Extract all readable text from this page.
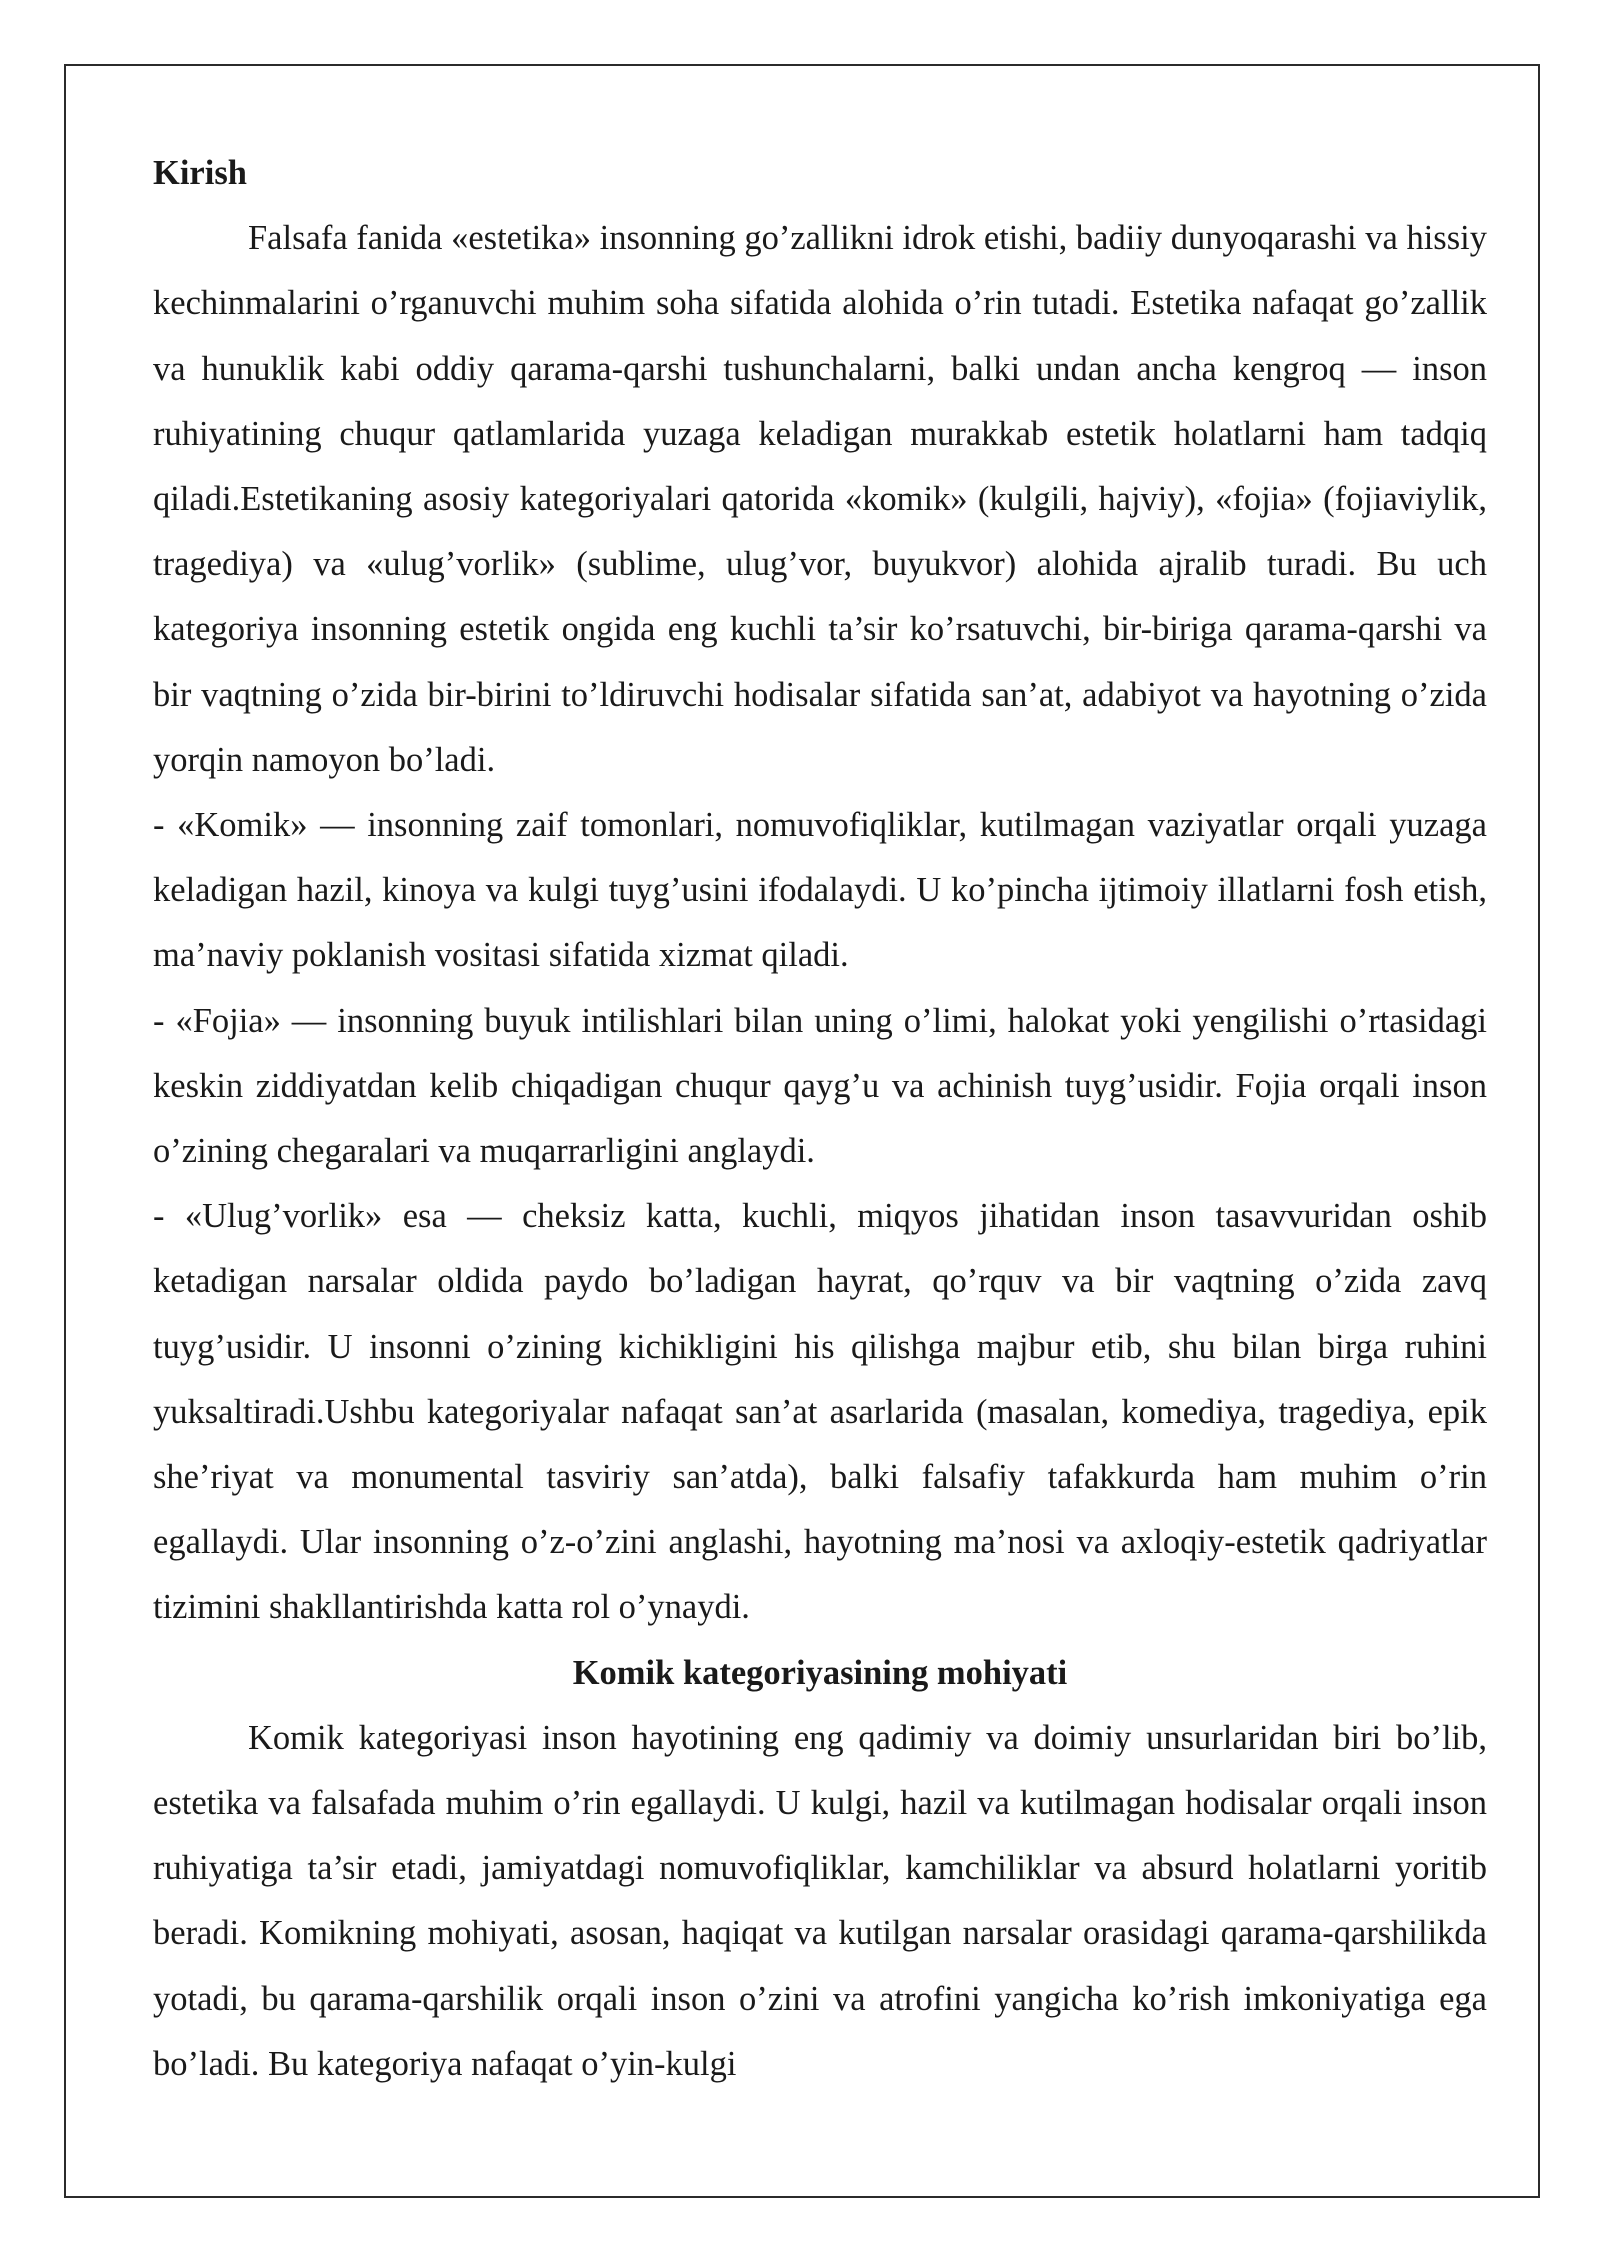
Kirish

Falsafa fanida «estetika» insonning go’zallikni idrok etishi, badiiy dunyoqarashi va hissiy kechinmalarini o’rganuvchi muhim soha sifatida alohida o’rin tutadi. Estetika nafaqat go’zallik va hunuklik kabi oddiy qarama-qarshi tushunchalarni, balki undan ancha kengroq — inson ruhiyatining chuqur qatlamlarida yuzaga keladigan murakkab estetik holatlarni ham tadqiq qiladi.Estetikaning asosiy kategoriyalari qatorida «komik» (kulgili, hajviy), «fojia» (fojiaviylik, tragediya) va «ulug’vorlik» (sublime, ulug’vor, buyukvor) alohida ajralib turadi. Bu uch kategoriya insonning estetik ongida eng kuchli ta’sir ko’rsatuvchi, bir-biriga qarama-qarshi va bir vaqtning o’zida bir-birini to’ldiruvchi hodisalar sifatida san’at, adabiyot va hayotning o’zida yorqin namoyon bo’ladi.

- «Komik» — insonning zaif tomonlari, nomuvofiqliklar, kutilmagan vaziyatlar orqali yuzaga keladigan hazil, kinoya va kulgi tuyg’usini ifodalaydi. U ko’pincha ijtimoiy illatlarni fosh etish, ma’naviy poklanish vositasi sifatida xizmat qiladi.

- «Fojia» — insonning buyuk intilishlari bilan uning o’limi, halokat yoki yengilishi o’rtasidagi keskin ziddiyatdan kelib chiqadigan chuqur qayg’u va achinish tuyg’usidir. Fojia orqali inson o’zining chegaralari va muqarrarligini anglaydi.

- «Ulug’vorlik» esa — cheksiz katta, kuchli, miqyos jihatidan inson tasavvuridan oshib ketadigan narsalar oldida paydo bo’ladigan hayrat, qo’rquv va bir vaqtning o’zida zavq tuyg’usidir. U insonni o’zining kichikligini his qilishga majbur etib, shu bilan birga ruhini yuksaltiradi.Ushbu kategoriyalar nafaqat san’at asarlarida (masalan, komediya, tragediya, epik she’riyat va monumental tasviriy san’atda), balki falsafiy tafakkurda ham muhim o’rin egallaydi. Ular insonning o’z-o’zini anglashi, hayotning ma’nosi va axloqiy-estetik qadriyatlar tizimini shakllantirishda katta rol o’ynaydi.

Komik kategoriyasining mohiyati

Komik kategoriyasi inson hayotining eng qadimiy va doimiy unsurlaridan biri bo’lib, estetika va falsafada muhim o’rin egallaydi. U kulgi, hazil va kutilmagan hodisalar orqali inson ruhiyatiga ta’sir etadi, jamiyatdagi nomuvofiqliklar, kamchiliklar va absurd holatlarni yoritib beradi. Komikning mohiyati, asosan, haqiqat va kutilgan narsalar orasidagi qarama-qarshilikda yotadi, bu qarama-qarshilik orqali inson o’zini va atrofini yangicha ko’rish imkoniyatiga ega bo’ladi. Bu kategoriya nafaqat o’yin-kulgi
